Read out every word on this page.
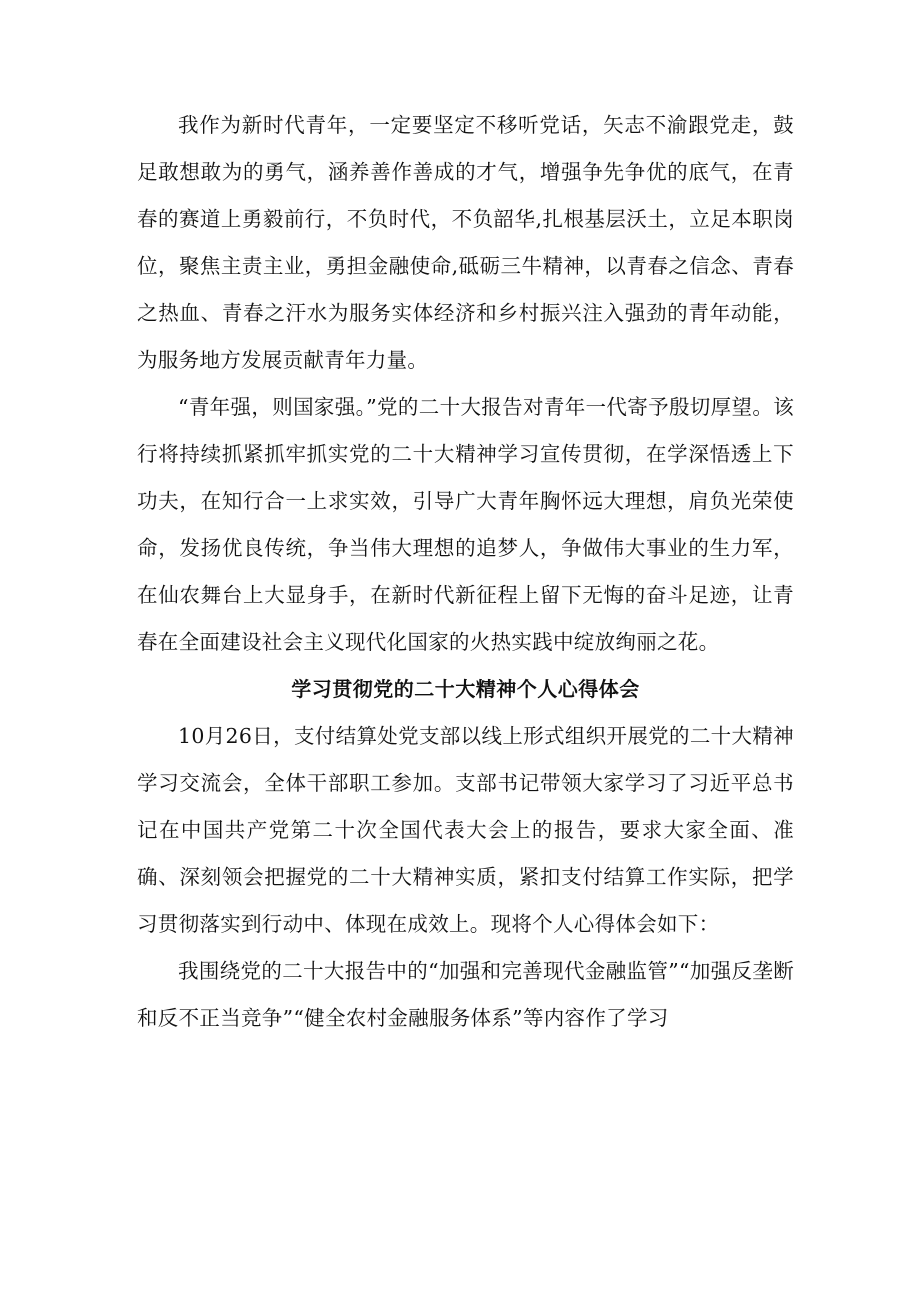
我作为新时代青年，一定要坚定不移听党话，矢志不渝跟党走，鼓足敢想敢为的勇气，涵养善作善成的才气，增强争先争优的底气，在青春的赛道上勇毅前行，不负时代，不负韶华,扎根基层沃土，立足本职岗位，聚焦主责主业，勇担金融使命,砥砺三牛精神，以青春之信念、青春之热血、青春之汗水为服务实体经济和乡村振兴注入强劲的青年动能，为服务地方发展贡献青年力量。

“青年强，则国家强。”党的二十大报告对青年一代寄予殷切厚望。该行将持续抓紧抓牢抓实党的二十大精神学习宣传贯彻，在学深悟透上下功夫，在知行合一上求实效，引导广大青年胸怀远大理想，肩负光荣使命，发扬优良传统，争当伟大理想的追梦人，争做伟大事业的生力军，在仙农舞台上大显身手，在新时代新征程上留下无悔的奋斗足迹，让青春在全面建设社会主义现代化国家的火热实践中绽放绚丽之花。

学习贯彻党的二十大精神个人心得体会

10月26日，支付结算处党支部以线上形式组织开展党的二十大精神学习交流会，全体干部职工参加。支部书记带领大家学习了习近平总书记在中国共产党第二十次全国代表大会上的报告，要求大家全面、准确、深刻领会把握党的二十大精神实质，紧扣支付结算工作实际，把学习贯彻落实到行动中、体现在成效上。现将个人心得体会如下：

我围绕党的二十大报告中的“加强和完善现代金融监管”“加强反垄断和反不正当竞争”“健全农村金融服务体系”等内容作了学习
